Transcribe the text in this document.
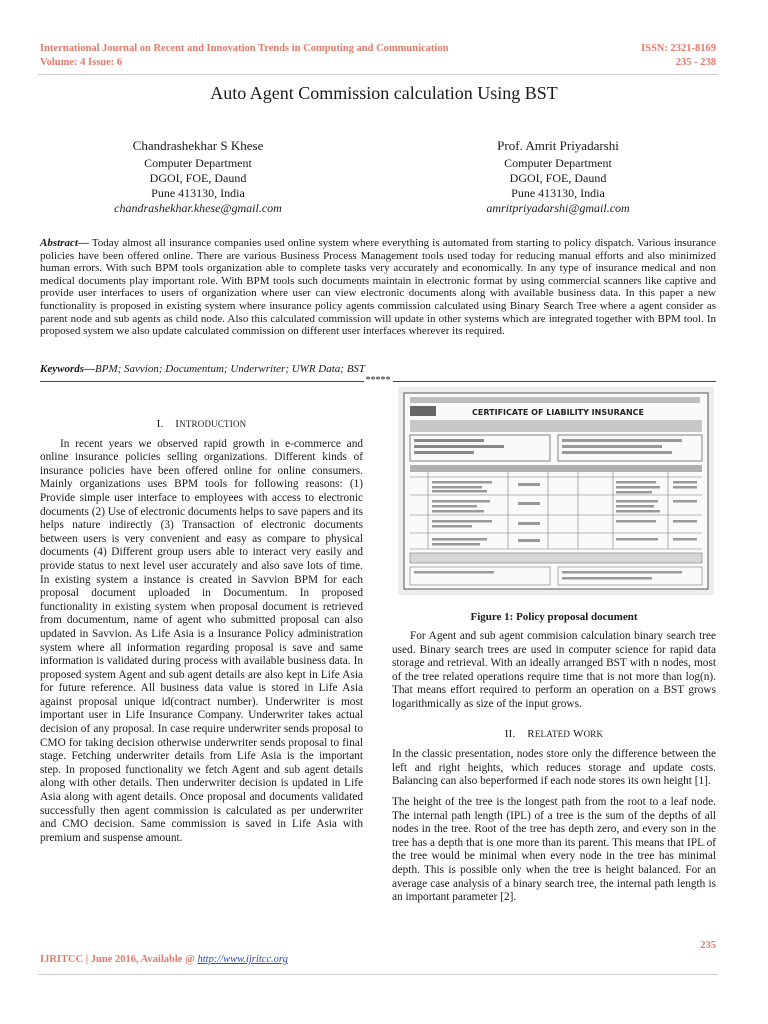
International Journal on Recent and Innovation Trends in Computing and Communication
Volume: 4 Issue: 6
ISSN: 2321-8169
235 - 238
Auto Agent Commission calculation Using BST
Chandrashekhar S Khese
Computer Department
DGOI, FOE, Daund
Pune 413130, India
chandrashekhar.khese@gmail.com
Prof. Amrit Priyadarshi
Computer Department
DGOI, FOE, Daund
Pune 413130, India
amritpriyadarshi@gmail.com
Abstract— Today almost all insurance companies used online system where everything is automated from starting to policy dispatch. Various insurance policies have been offered online. There are various Business Process Management tools used today for reducing manual efforts and also minimized human errors. With such BPM tools organization able to complete tasks very accurately and economically. In any type of insurance medical and non medical documents play important role. With BPM tools such documents maintain in electronic format by using commercial scanners like captive and provide user interfaces to users of organization where user can view electronic documents along with available business data. In this paper a new functionality is proposed in existing system where insurance policy agents commission calculated using Binary Search Tree where a agent consider as parent node and sub agents as child node. Also this calculated commission will update in other systems which are integrated together with BPM tool. In proposed system we also update calculated commission on different user interfaces wherever its required.
Keywords—BPM; Savvion; Documentum; Underwriter; UWR Data; BST
*****
I. INTRODUCTION

In recent years we observed rapid growth in e-commerce and online insurance policies selling organizations. Different kinds of insurance policies have been offered online for online consumers. Mainly organizations uses BPM tools for following reasons: (1) Provide simple user interface to employees with access to electronic documents (2) Use of electronic documents helps to save papers and its helps nature indirectly (3) Transaction of electronic documents between users is very convenient and easy as compare to physical documents (4) Different group users able to interact very easily and provide status to next level user accurately and also save lots of time. In existing system a instance is created in Savvion BPM for each proposal document uploaded in Documentum. In proposed functionality in existing system when proposal document is retrieved from documentum, name of agent who submitted proposal can also updated in Savvion. As Life Asia is a Insurance Policy administration system where all information regarding proposal is save and same information is validated during process with available business data. In proposed system Agent and sub agent details are also kept in Life Asia for future reference. All business data value is stored in Life Asia against proposal unique id(contract number). Underwriter is most important user in Life Insurance Company. Underwriter takes actual decision of any proposal. In case require underwriter sends proposal to CMO for taking decision otherwise underwriter sends proposal to final stage. Fetching underwriter details from Life Asia is the important step. In proposed functionality we fetch Agent and sub agent details along with other details. Then underwriter decision is updated in Life Asia along with agent details. Once proposal and documents validated successfully then agent commission is calculated as per underwriter and CMO decision. Same commission is saved in Life Asia with premium and suspense amount.

CERTIFICATE OF LIABILITY INSURANCE
Figure 1: Policy proposal document

For Agent and sub agent commision calculation binary search tree used. Binary search trees are used in computer science for rapid data storage and retrieval. With an ideally arranged BST with n nodes, most of the tree related operations require time that is not more than log(n). That means effort required to perform an operation on a BST grows logarithmically as size of the input grows.

II. RELATED WORK

In the classic presentation, nodes store only the difference between the left and right heights, which reduces storage and update costs. Balancing can also beperformed if each node stores its own height [1].

The height of the tree is the longest path from the root to a leaf node. The internal path length (IPL) of a tree is the sum of the depths of all nodes in the tree. Root of the tree has depth zero, and every son in the tree has a depth that is one more than its parent. This means that IPL of the tree would be minimal when every node in the tree has minimal depth. This is possible only when the tree is height balanced. For an average case analysis of a binary search tree, the internal path length is an important parameter [2].

235
IJRITCC | June 2016, Available @ http://www.ijritcc.org
